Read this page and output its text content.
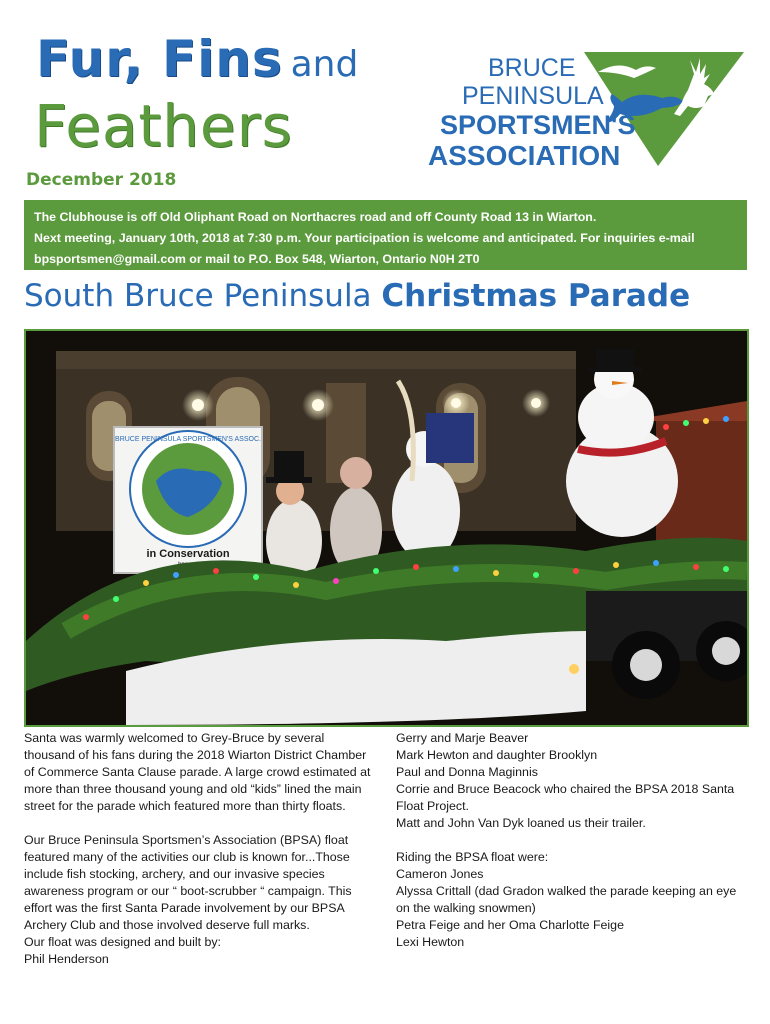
Fur, Fins and
Feathers
December 2018
BRUCE
PENINSULA
SPORTSMEN'S
ASSOCIATION
The Clubhouse is off Old Oliphant Road on Northacres road and off County Road 13 in Wiarton.
Next meeting, January 10th, 2018 at 7:30 p.m. Your participation is welcome and anticipated. For inquiries e-mail
bpsportsmen@gmail.com or mail to P.O. Box 548, Wiarton, Ontario N0H 2T0
South Bruce Peninsula Christmas Parade
BRUCE PENINSULA SPORTSMEN'S ASSOC.
in Conservation

Santa was warmly welcomed to Grey-Bruce by several thousand of his fans during the 2018 Wiarton District Chamber of Commerce Santa Clause parade. A large crowd estimated at more than three thousand young and old “kids” lined the main street for the parade which featured more than thirty floats.

Our Bruce Peninsula Sportsmen’s Association (BPSA) float featured many of the activities our club is known for...Those include fish stocking, archery, and our invasive species awareness program or our “ boot-scrubber “ campaign. This effort was the first Santa Parade involvement by our BPSA Archery Club and those involved deserve full marks.

Our float was designed and built by:

Phil Henderson

Gerry and Marje Beaver

Mark Hewton and daughter Brooklyn

Paul and Donna Maginnis

Corrie and Bruce Beacock who chaired the BPSA 2018 Santa Float Project.

Matt and John Van Dyk loaned us their trailer.

Riding the BPSA float were:

Cameron Jones

Alyssa Crittall (dad Gradon walked the parade keeping an eye on the walking snowmen)

Petra Feige and her Oma Charlotte Feige

Lexi Hewton
